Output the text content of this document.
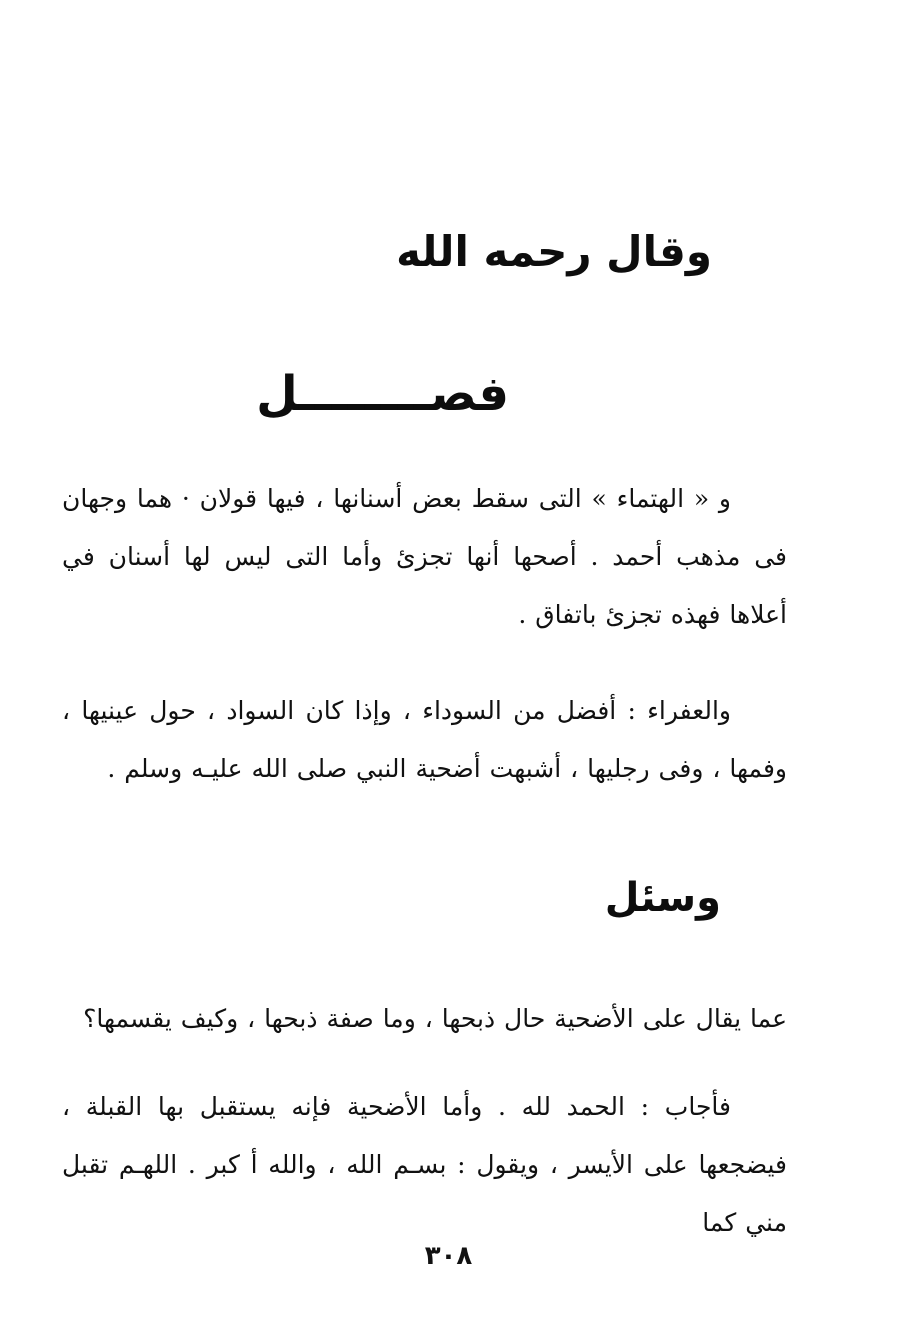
وقال رحمه الله
فصــــــــل

و « الهتماء » التى سقط بعض أسنانها ، فيها قولان · هما وجهان فى مذهب أحمد . أصحها أنها تجزئ وأما التى ليس لها أسنان في أعلاها فهذه تجزئ باتفاق .

والعفراء : أفضل من السوداء ، وإذا كان السواد ، حول عينيها ، وفمها ، وفى رجليها ، أشبهت أضحية النبي صلى الله عليـه وسلم .

وسئل

عما يقال على الأضحية حال ذبحها ، وما صفة ذبحها ، وكيف يقسمها؟

فأجاب : الحمد لله . وأما الأضحية فإنه يستقبل بها القبلة ، فيضجعها على الأيسر ، ويقول : بسـم الله ، والله أ كبر . اللهـم تقبل مني كما

٣٠٨
